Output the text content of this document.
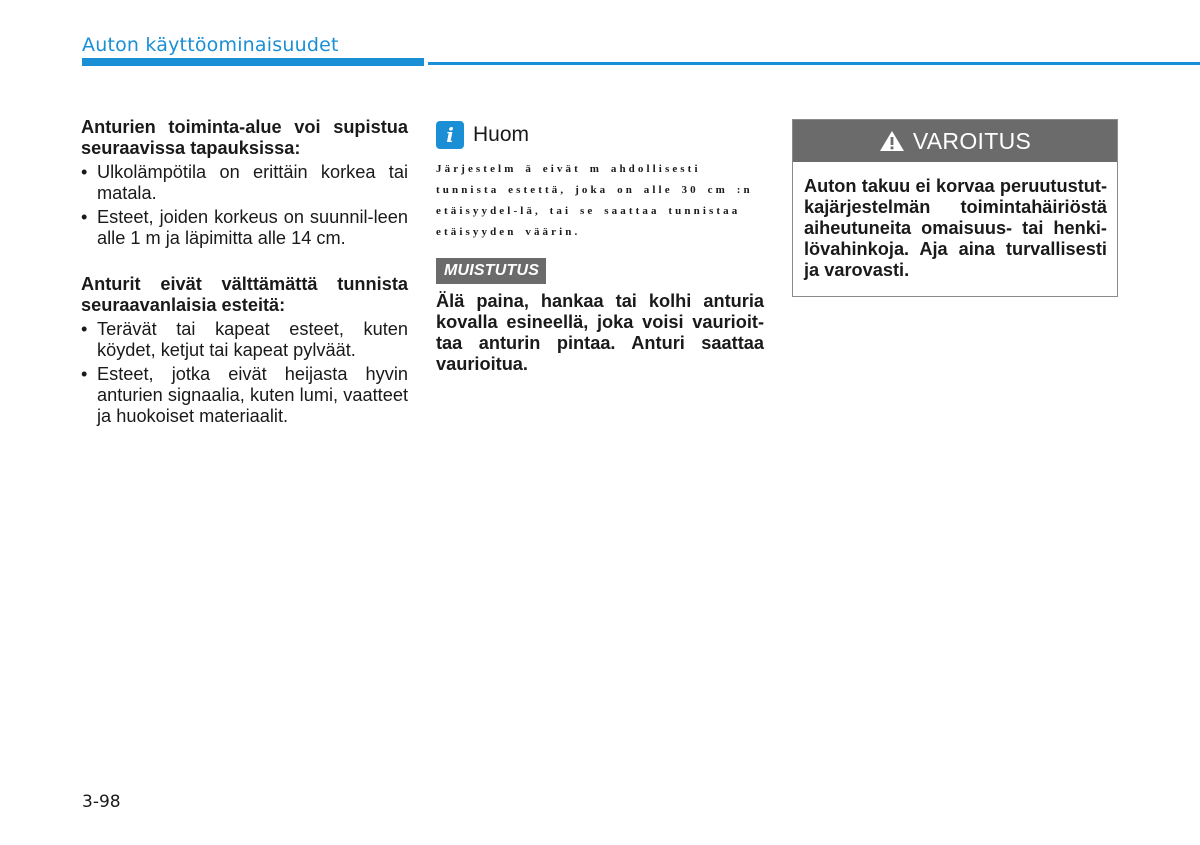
Auton käyttöominaisuudet

Anturien toiminta-alue voi supistua seuraavissa tapauksissa:

• Ulkolämpötila on erittäin korkea tai matala.
• Esteet, joiden korkeus on suunnil-leen alle 1 m ja läpimitta alle 14 cm.

Anturit eivät välttämättä tunnista seuraavanlaisia esteitä:

• Terävät tai kapeat esteet, kuten köydet, ketjut tai kapeat pylväät.
• Esteet, jotka eivät heijasta hyvin anturien signaalia, kuten lumi, vaatteet ja huokoiset materiaalit.
i Huom
Järjestelm ä eivät m ahdollisesti tunnista estettä, joka on alle 30 cm :n etäisyydel-lä, tai se saattaa tunnistaa etäisyyden väärin.
MUISTUTUS
Älä paina, hankaa tai kolhi anturia kovalla esineellä, joka voisi vaurioit-taa anturin pintaa. Anturi saattaa vaurioitua.
VAROITUS
Auton takuu ei korvaa peruutustut-kajärjestelmän toimintahäiriöstä aiheutuneita omaisuus- tai henki-lövahinkoja. Aja aina turvallisesti ja varovasti.
3-98
